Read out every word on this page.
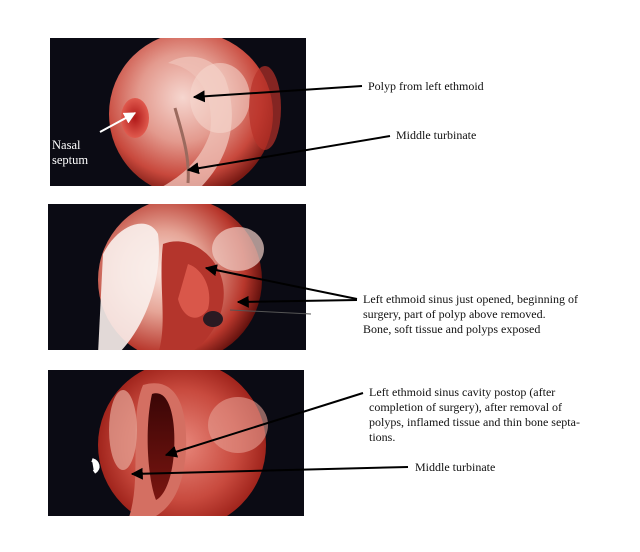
Nasal
septum
Polyp from left ethmoid
Middle turbinate
Left ethmoid sinus just opened, beginning of
surgery, part of polyp above removed.
Bone, soft tissue and polyps exposed
Left ethmoid sinus cavity postop (after
completion of surgery), after removal of
polyps, inflamed tissue and thin bone septa-
tions.
Middle turbinate
